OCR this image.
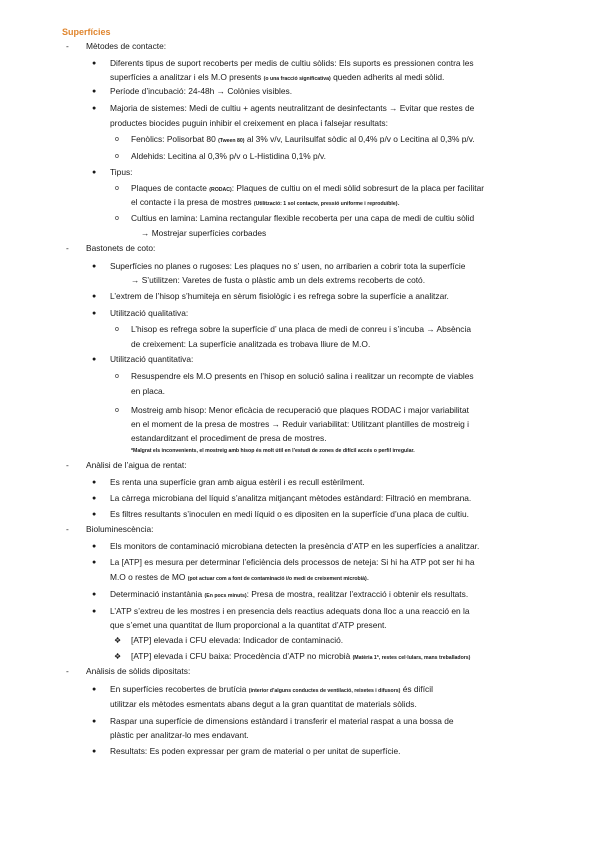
Superfícies
- Mètodes de contacte:
● Diferents tipus de suport recoberts per medis de cultiu sòlids: Els suports es pressionen contra les
superfícies a analitzar i els M.O presents (o una fracció significativa) queden adherits al medi sòlid.
● Període d’incubació: 24-48h → Colònies visibles.
● Majoria de sistemes: Medi de cultiu + agents neutralitzant de desinfectants → Evitar que restes de
productes biocides puguin inhibir el creixement en placa i falsejar resultats:
o Fenòlics: Polisorbat 80 (Tween 80) al 3% v/v, Laurilsulfat sòdic al 0,4% p/v o Lecitina al 0,3% p/v.
o Aldehids: Lecitina al 0,3% p/v o L-Histidina 0,1% p/v.
● Tipus:
o Plaques de contacte (RODAC): Plaques de cultiu on el medi sòlid sobresurt de la placa per facilitar
el contacte i la presa de mostres (Utilització: 1 sol contacte, pressió uniforme i reproduïble).
o Cultius en lamina: Lamina rectangular flexible recoberta per una capa de medi de cultiu sòlid
→ Mostrejar superfícies corbades
- Bastonets de coto:
● Superfícies no planes o rugoses: Les plaques no s’ usen, no arribarien a cobrir tota la superfície
→ S’utilitzen: Varetes de fusta o plàstic amb un dels extrems recoberts de cotó.
● L’extrem de l’hisop s’humiteja en sèrum fisiològic i es refrega sobre la superfície a analitzar.
● Utilització qualitativa:
o L’hisop es refrega sobre la superfície d’ una placa de medi de conreu i s’incuba → Absència
de creixement: La superfície analitzada es trobava lliure de M.O.
● Utilització quantitativa:
o Resuspendre els M.O presents en l’hisop en solució salina i realitzar un recompte de viables
en placa.
o Mostreig amb hisop: Menor eficàcia de recuperació que plaques RODAC i major variabilitat
en el moment de la presa de mostres → Reduir variabilitat: Utilitzant plantilles de mostreig i
estandarditzant el procediment de presa de mostres.
*Malgrat els inconvenients, el mostreig amb hisop és molt útil en l’estudi de zones de difícil accés o perfil irregular.
- Anàlisi de l’aigua de rentat:
● Es renta una superfície gran amb aigua estèril i es recull estèrilment.
● La càrrega microbiana del líquid s’analitza mitjançant mètodes estàndard: Filtració en membrana.
● Es filtres resultants s’inoculen en medi líquid o es dipositen en la superfície d’una placa de cultiu.
- Bioluminescència:
● Els monitors de contaminació microbiana detecten la presència d’ATP en les superfícies a analitzar.
● La [ATP] es mesura per determinar l’eficiència dels processos de neteja: Si hi ha ATP pot ser hi ha
M.O o restes de MO (pot actuar com a font de contaminació i/o medi de creixement microbià).
● Determinació instantània (En pocs minuts): Presa de mostra, realitzar l’extracció i obtenir els resultats.
● L’ATP s’extreu de les mostres i en presencia dels reactius adequats dona lloc a una reacció en la
que s’emet una quantitat de llum proporcional a la quantitat d’ATP present.
❖ [ATP] elevada i CFU elevada: Indicador de contaminació.
❖ [ATP] elevada i CFU baixa: Procedència d’ATP no microbià (Matèria 1ª, restes cel·lulars, mans treballadors)
- Anàlisis de sòlids dipositats:
● En superfícies recobertes de brutícia (interior d’alguns conductes de ventilació, reixetes i difusors) és difícil
utilitzar els mètodes esmentats abans degut a la gran quantitat de materials sòlids.
● Raspar una superfície de dimensions estàndard i transferir el material raspat a una bossa de
plàstic per analitzar-lo mes endavant.
● Resultats: Es poden expressar per gram de material o per unitat de superfície.
